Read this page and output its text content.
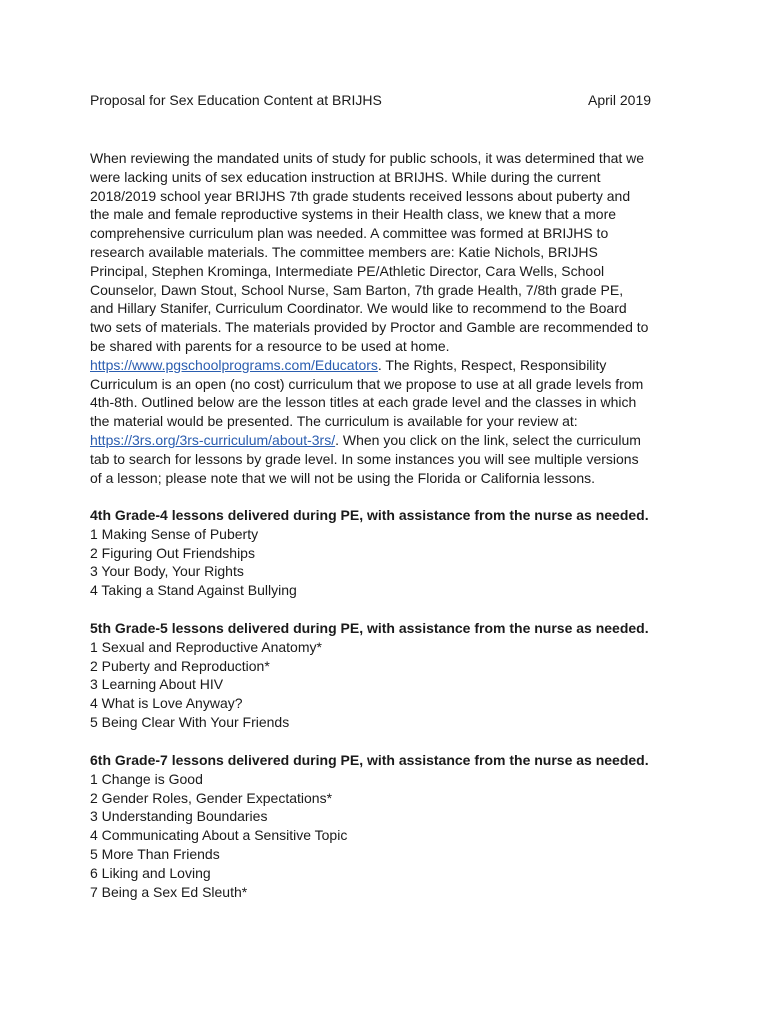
Proposal for Sex Education Content at BRIJHS	April 2019

When reviewing the mandated units of study for public schools, it was determined that we were lacking units of sex education instruction at BRIJHS. While during the current 2018/2019 school year BRIJHS 7th grade students received lessons about puberty and the male and female reproductive systems in their Health class, we knew that a more comprehensive curriculum plan was needed. A committee was formed at BRIJHS to research available materials. The committee members are: Katie Nichols, BRIJHS Principal, Stephen Krominga, Intermediate PE/Athletic Director, Cara Wells, School Counselor, Dawn Stout, School Nurse, Sam Barton, 7th grade Health, 7/8th grade PE, and Hillary Stanifer, Curriculum Coordinator. We would like to recommend to the Board two sets of materials. The materials provided by Proctor and Gamble are recommended to be shared with parents for a resource to be used at home. https://www.pgschoolprograms.com/Educators. The Rights, Respect, Responsibility Curriculum is an open (no cost) curriculum that we propose to use at all grade levels from 4th-8th. Outlined below are the lesson titles at each grade level and the classes in which the material would be presented. The curriculum is available for your review at: https://3rs.org/3rs-curriculum/about-3rs/. When you click on the link, select the curriculum tab to search for lessons by grade level. In some instances you will see multiple versions of a lesson; please note that we will not be using the Florida or California lessons.

4th Grade-4 lessons delivered during PE, with assistance from the nurse as needed.

1 Making Sense of Puberty
2 Figuring Out Friendships
3 Your Body, Your Rights
4 Taking a Stand Against Bullying

5th Grade-5 lessons delivered during PE, with assistance from the nurse as needed.

1 Sexual and Reproductive Anatomy*
2 Puberty and Reproduction*
3 Learning About HIV
4 What is Love Anyway?
5 Being Clear With Your Friends

6th Grade-7 lessons delivered during PE, with assistance from the nurse as needed.

1 Change is Good
2 Gender Roles, Gender Expectations*
3 Understanding Boundaries
4 Communicating About a Sensitive Topic
5 More Than Friends
6 Liking and Loving
7 Being a Sex Ed Sleuth*
